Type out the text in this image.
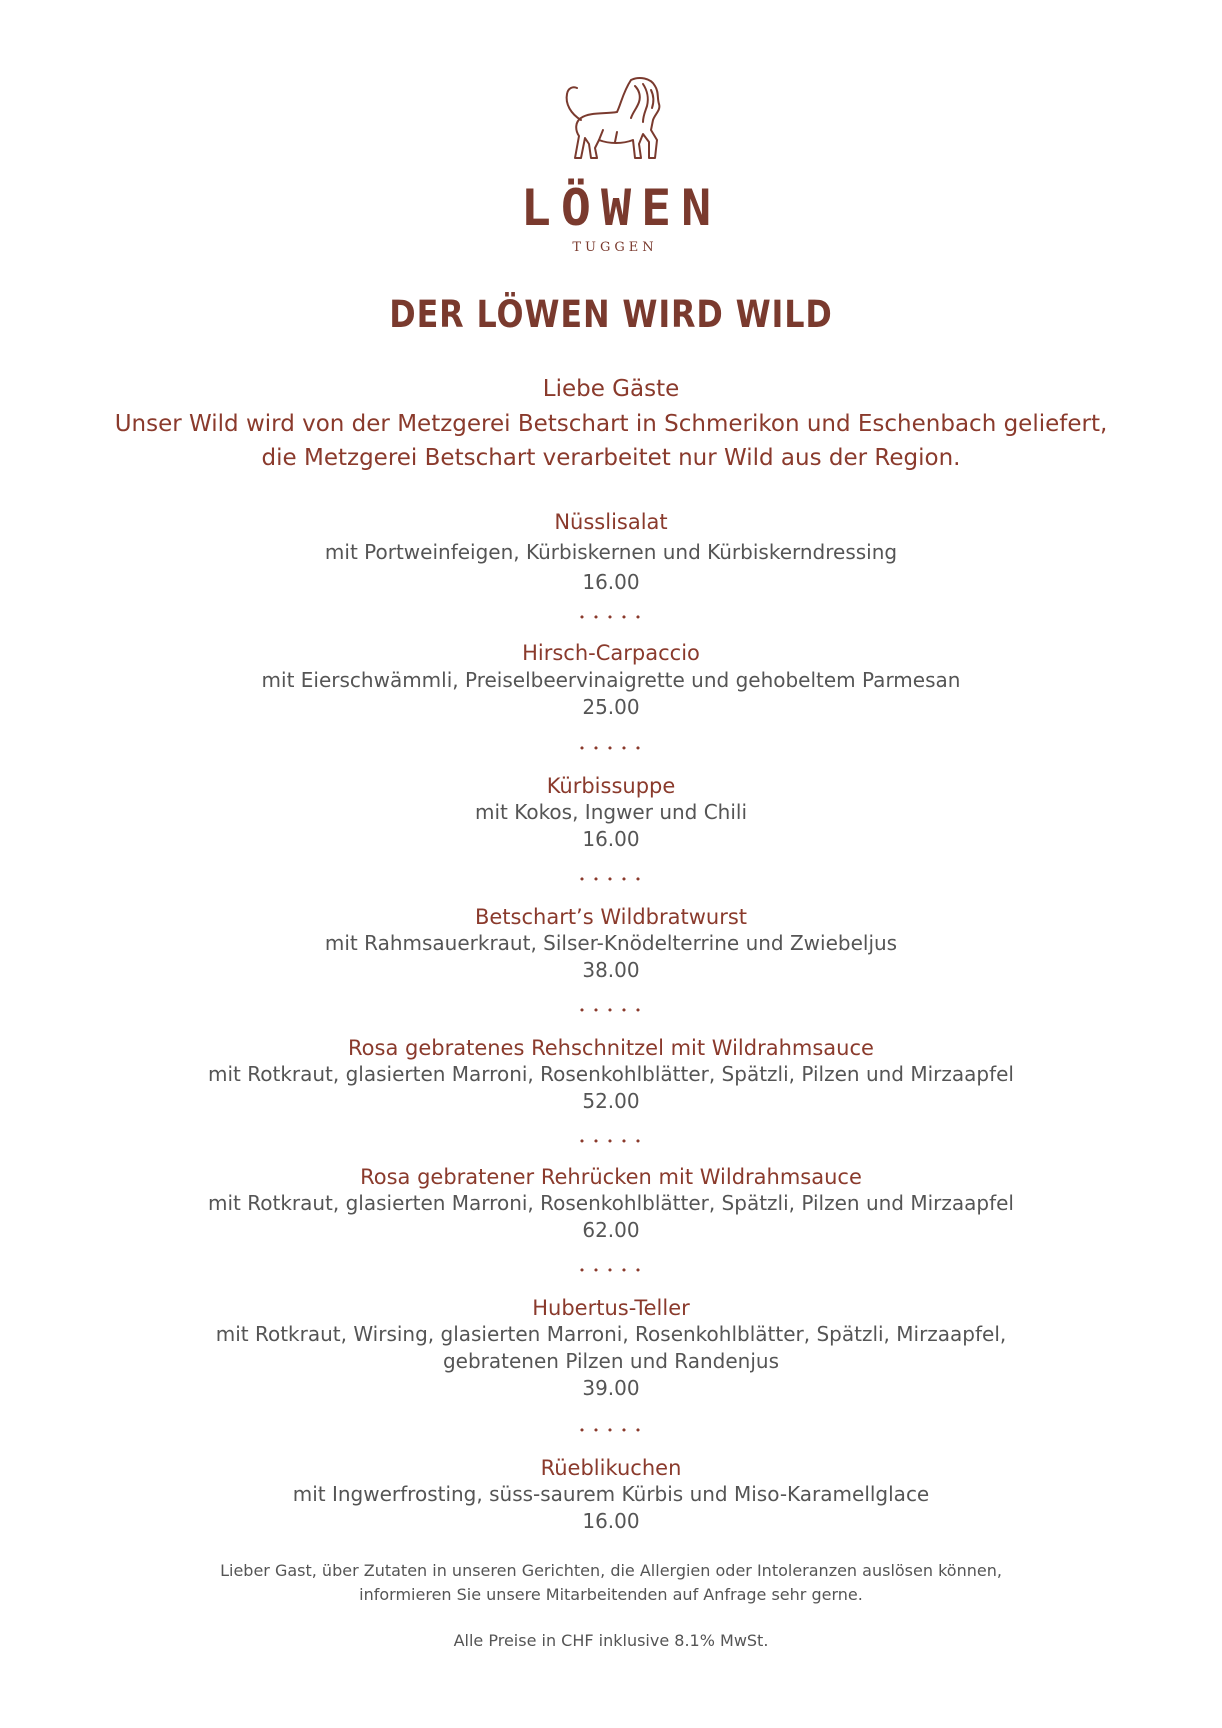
LÖWEN
TUGGEN
DER LÖWEN WIRD WILD
Liebe Gäste
Unser Wild wird von der Metzgerei Betschart in Schmerikon und Eschenbach geliefert,
die Metzgerei Betschart verarbeitet nur Wild aus der Region.
Nüsslisalat
mit Portweinfeigen, Kürbiskernen und Kürbiskerndressing
16.00
• • • • •
Hirsch-Carpaccio
mit Eierschwämmli, Preiselbeervinaigrette und gehobeltem Parmesan
25.00
• • • • •
Kürbissuppe
mit Kokos, Ingwer und Chili
16.00
• • • • •
Betschart’s Wildbratwurst
mit Rahmsauerkraut, Silser-Knödelterrine und Zwiebeljus
38.00
• • • • •
Rosa gebratenes Rehschnitzel mit Wildrahmsauce
mit Rotkraut, glasierten Marroni, Rosenkohlblätter, Spätzli, Pilzen und Mirzaapfel
52.00
• • • • •
Rosa gebratener Rehrücken mit Wildrahmsauce
mit Rotkraut, glasierten Marroni, Rosenkohlblätter, Spätzli, Pilzen und Mirzaapfel
62.00
• • • • •
Hubertus-Teller
mit Rotkraut, Wirsing, glasierten Marroni, Rosenkohlblätter, Spätzli, Mirzaapfel,
gebratenen Pilzen und Randenjus
39.00
• • • • •
Rüeblikuchen
mit Ingwerfrosting, süss-saurem Kürbis und Miso-Karamellglace
16.00
Lieber Gast, über Zutaten in unseren Gerichten, die Allergien oder Intoleranzen auslösen können,
informieren Sie unsere Mitarbeitenden auf Anfrage sehr gerne.
Alle Preise in CHF inklusive 8.1% MwSt.
